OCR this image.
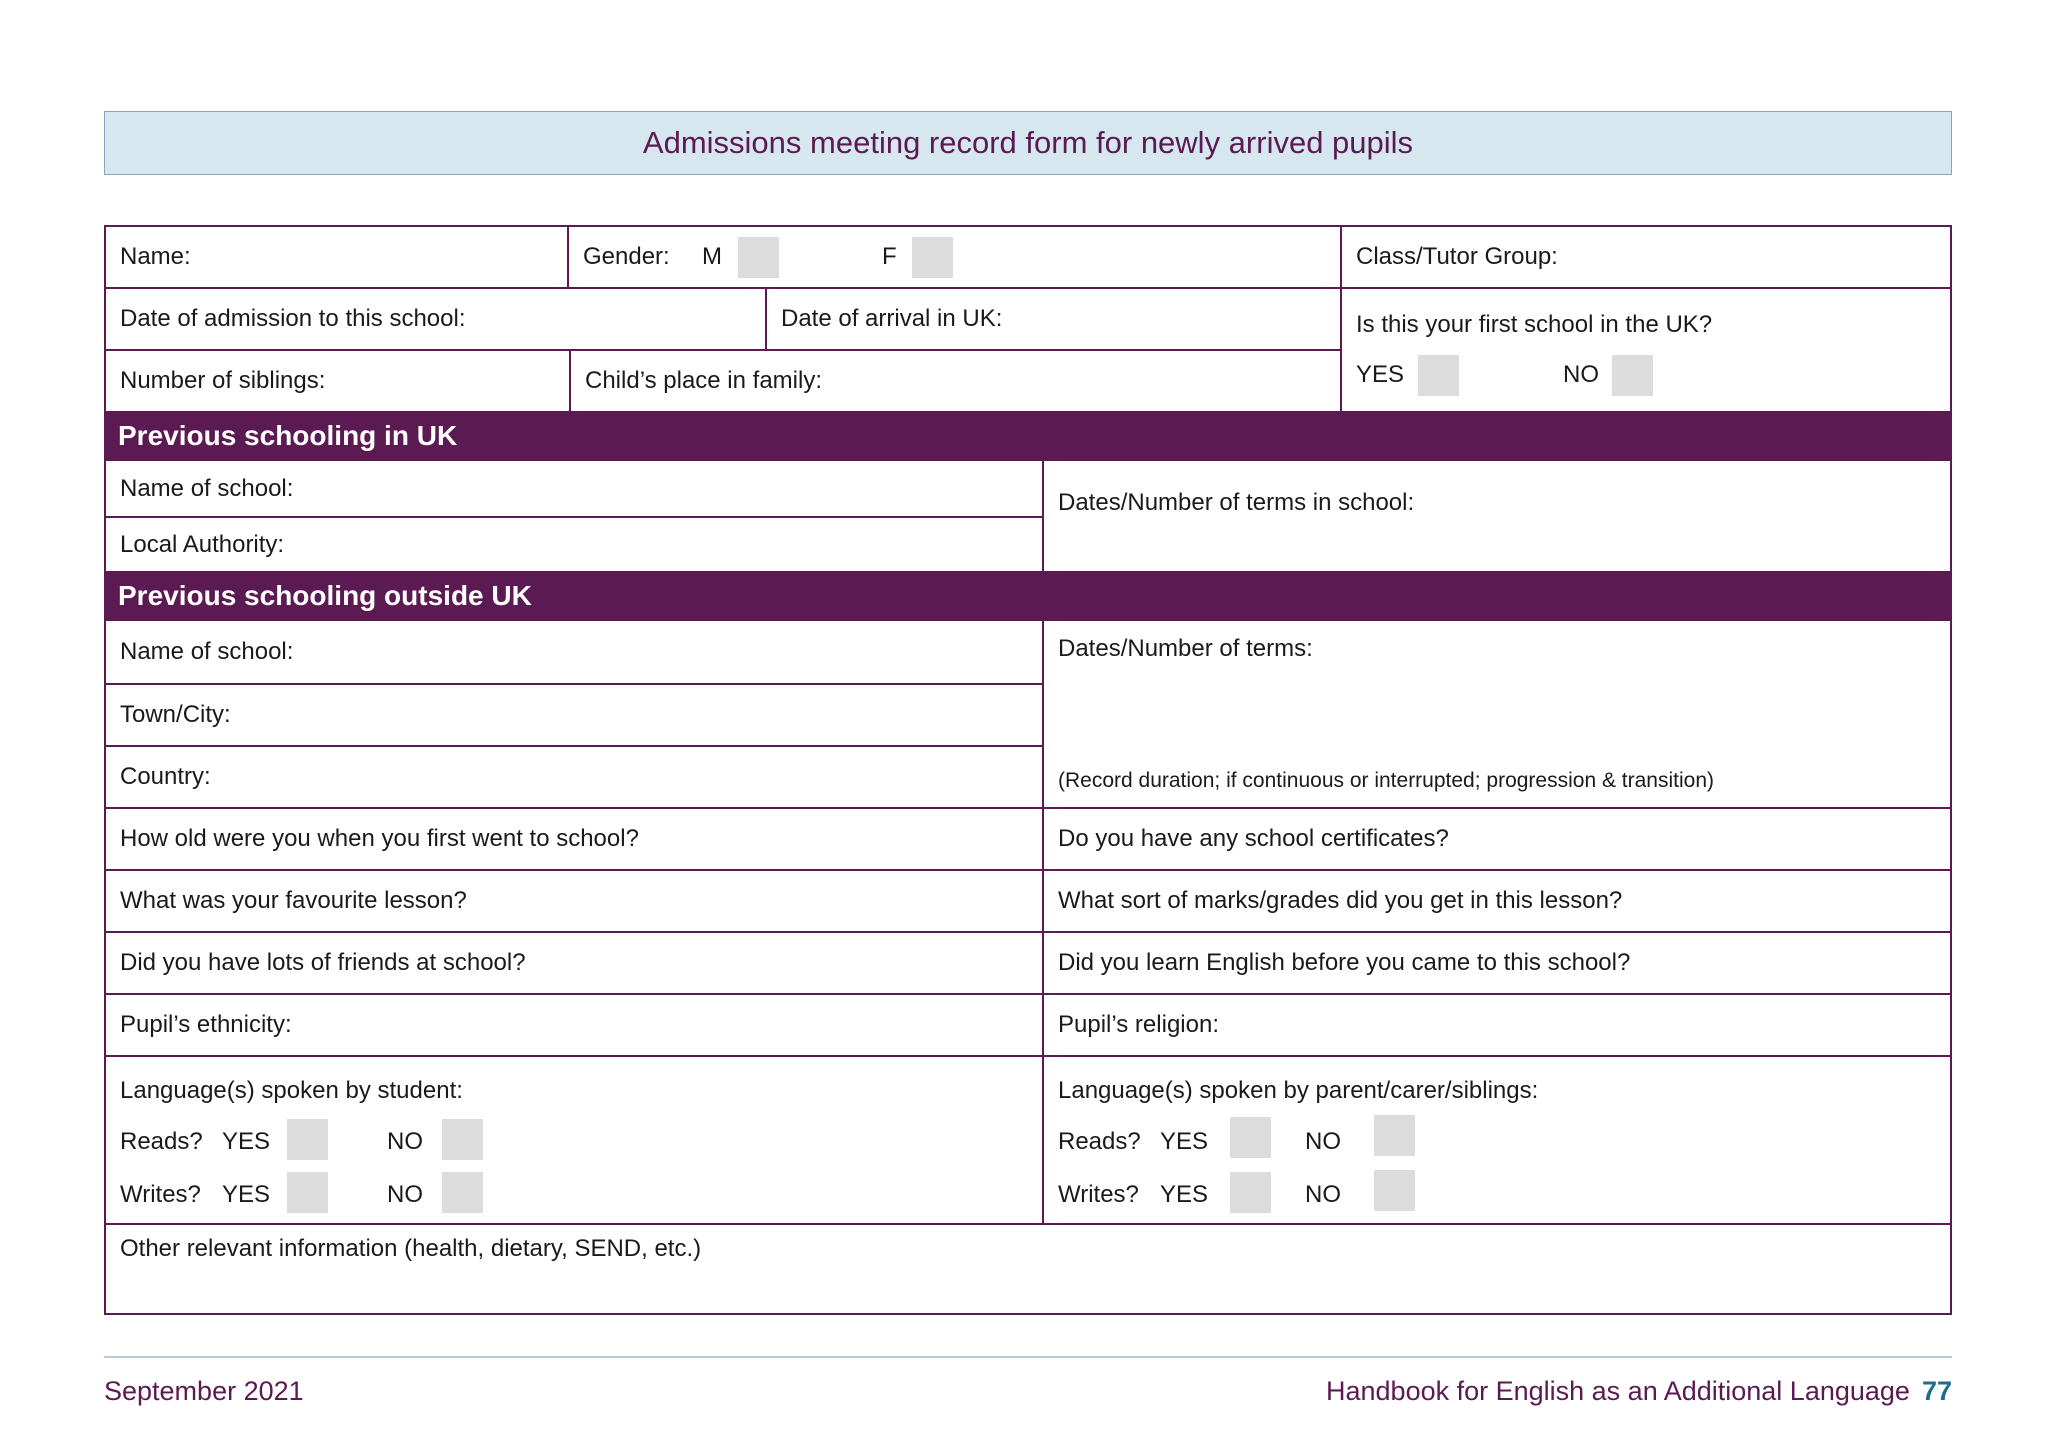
Admissions meeting record form for newly arrived pupils
Name:	Gender: M	F	Class/Tutor Group:
Date of admission to this school:	Date of arrival in UK:	Is this your first school in the UK?
YES	NO
Number of siblings:	Child’s place in family:
Previous schooling in UK
Name of school:
Local Authority:
Dates/Number of terms in school:
Previous schooling outside UK
Name of school:
Town/City:
Country:
Dates/Number of terms:
(Record duration; if continuous or interrupted; progression & transition)
How old were you when you first went to school?	Do you have any school certificates?
What was your favourite lesson?	What sort of marks/grades did you get in this lesson?
Did you have lots of friends at school?	Did you learn English before you came to this school?
Pupil’s ethnicity:	Pupil’s religion:
Language(s) spoken by student:
Reads? YES	NO
Writes? YES	NO
Language(s) spoken by parent/carer/siblings:
Reads? YES	NO
Writes? YES	NO
Other relevant information (health, dietary, SEND, etc.)
September 2021	Handbook for English as an Additional Language 77
